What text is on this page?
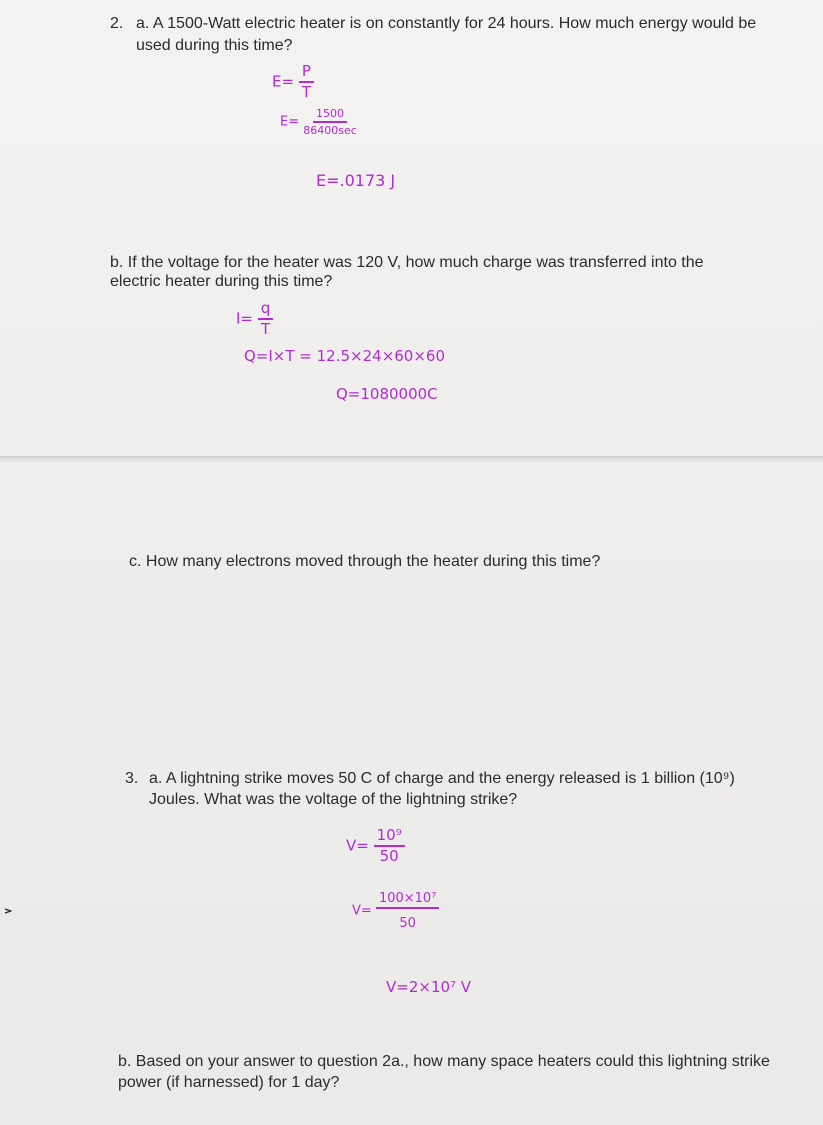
2. a. A 1500-Watt electric heater is on constantly for 24 hours. How much energy would be
used during this time?
$E= \frac{P}{T}$
$E= \frac{1500}{86400\sec}$
E=.0173 J
b. If the voltage for the heater was 120 V, how much charge was transferred into the
electric heater during this time?
$I= \frac{q}{T}$
Q=I×T = 12.5×24×60×60
Q=1080000C
c. How many electrons moved through the heater during this time?
3. a. A lightning strike moves 50 C of charge and the energy released is 1 billion (10⁹)
Joules. What was the voltage of the lightning strike?
$V= \frac{\text{10⁹}}{50}$
$V= \frac{\text{100×10⁷}}{50}$
V=2×10⁷ V
b. Based on your answer to question 2a., how many space heaters could this lightning strike
power (if harnessed) for 1 day?
